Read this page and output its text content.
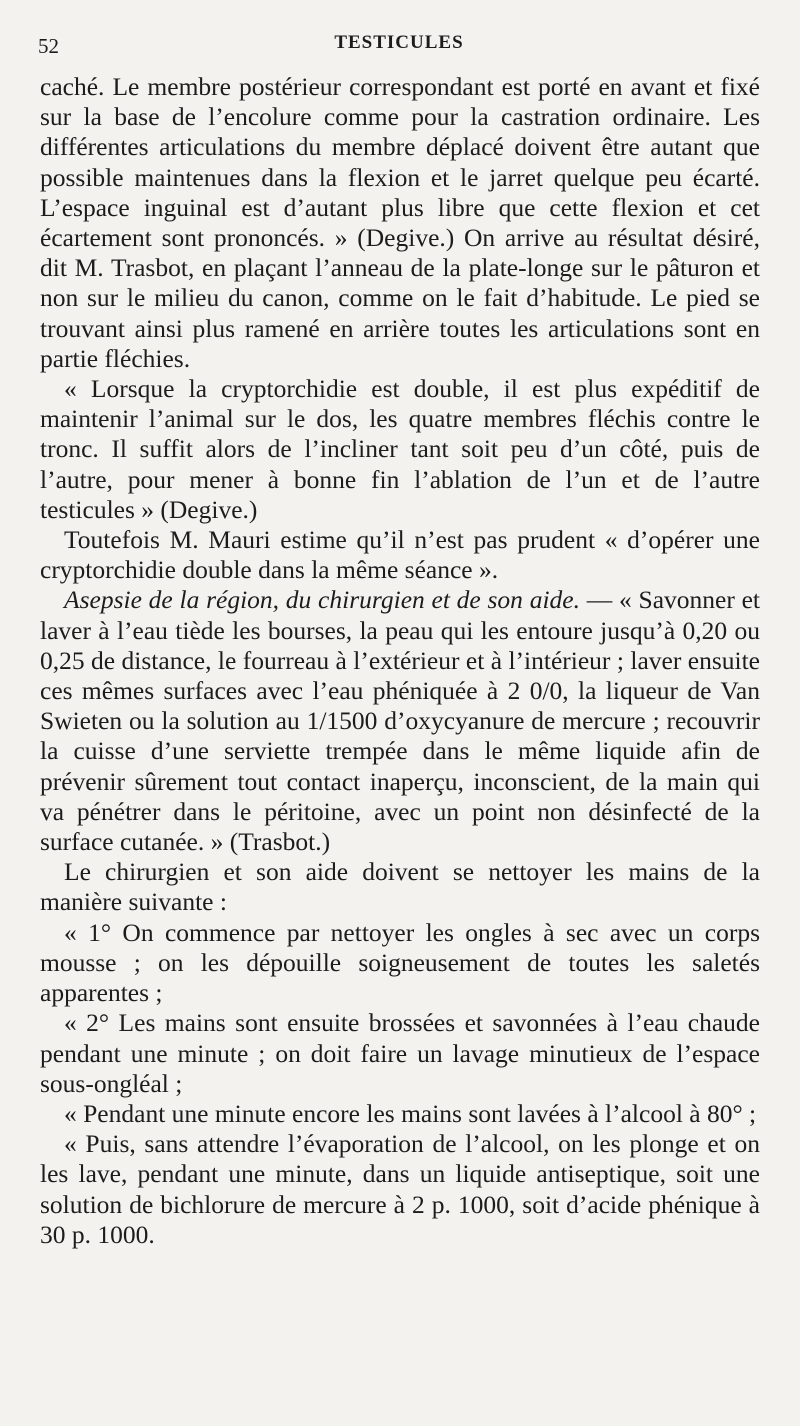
52	TESTICULES

caché. Le membre postérieur correspondant est porté en avant et fixé sur la base de l’encolure comme pour la castration ordinaire. Les différentes articulations du membre déplacé doivent être autant que possible maintenues dans la flexion et le jarret quelque peu écarté. L’espace inguinal est d’autant plus libre que cette flexion et cet écartement sont prononcés. » (Degive.) On arrive au résultat désiré, dit M. Trasbot, en plaçant l’anneau de la plate-longe sur le pâturon et non sur le milieu du canon, comme on le fait d’habitude. Le pied se trouvant ainsi plus ramené en arrière toutes les articulations sont en partie fléchies.

« Lorsque la cryptorchidie est double, il est plus expéditif de maintenir l’animal sur le dos, les quatre membres fléchis contre le tronc. Il suffit alors de l’incliner tant soit peu d’un côté, puis de l’autre, pour mener à bonne fin l’ablation de l’un et de l’autre testicules » (Degive.)

Toutefois M. Mauri estime qu’il n’est pas prudent « d’opérer une cryptorchidie double dans la même séance ».

Asepsie de la région, du chirurgien et de son aide. — « Savonner et laver à l’eau tiède les bourses, la peau qui les entoure jusqu’à 0,20 ou 0,25 de distance, le fourreau à l’extérieur et à l’intérieur ; laver ensuite ces mêmes surfaces avec l’eau phéniquée à 2 0/0, la liqueur de Van Swieten ou la solution au 1/1500 d’oxycyanure de mercure ; recouvrir la cuisse d’une serviette trempée dans le même liquide afin de prévenir sûrement tout contact inaperçu, inconscient, de la main qui va pénétrer dans le péritoine, avec un point non désinfecté de la surface cutanée. » (Trasbot.)

Le chirurgien et son aide doivent se nettoyer les mains de la manière suivante :

« 1° On commence par nettoyer les ongles à sec avec un corps mousse ; on les dépouille soigneusement de toutes les saletés apparentes ;

« 2° Les mains sont ensuite brossées et savonnées à l’eau chaude pendant une minute ; on doit faire un lavage minutieux de l’espace sous-ongléal ;

« Pendant une minute encore les mains sont lavées à l’alcool à 80° ;

« Puis, sans attendre l’évaporation de l’alcool, on les plonge et on les lave, pendant une minute, dans un liquide antiseptique, soit une solution de bichlorure de mercure à 2 p. 1000, soit d’acide phénique à 30 p. 1000.
